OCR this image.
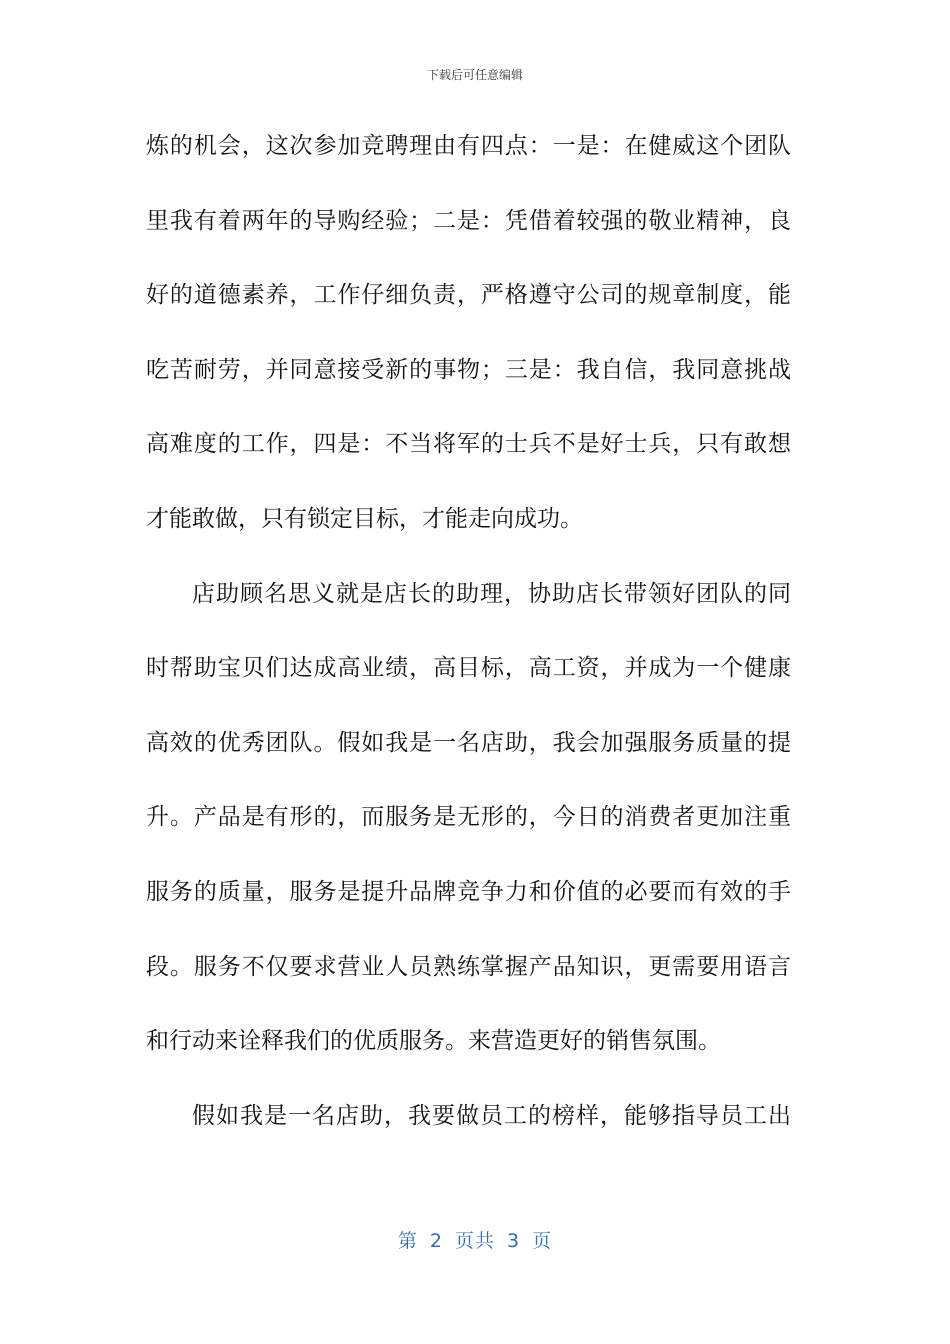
下载后可任意编辑
炼的机会，这次参加竞聘理由有四点：一是：在健威这个团队
里我有着两年的导购经验；二是：凭借着较强的敬业精神，良
好的道德素养，工作仔细负责，严格遵守公司的规章制度，能
吃苦耐劳，并同意接受新的事物；三是：我自信，我同意挑战
高难度的工作，四是：不当将军的士兵不是好士兵，只有敢想
才能敢做，只有锁定目标，才能走向成功。
店助顾名思义就是店长的助理，协助店长带领好团队的同
时帮助宝贝们达成高业绩，高目标，高工资，并成为一个健康
高效的优秀团队。假如我是一名店助，我会加强服务质量的提
升。产品是有形的，而服务是无形的，今日的消费者更加注重
服务的质量，服务是提升品牌竞争力和价值的必要而有效的手
段。服务不仅要求营业人员熟练掌握产品知识，更需要用语言
和行动来诠释我们的优质服务。来营造更好的销售氛围。
假如我是一名店助，我要做员工的榜样，能够指导员工出
第 2 页共 3 页
